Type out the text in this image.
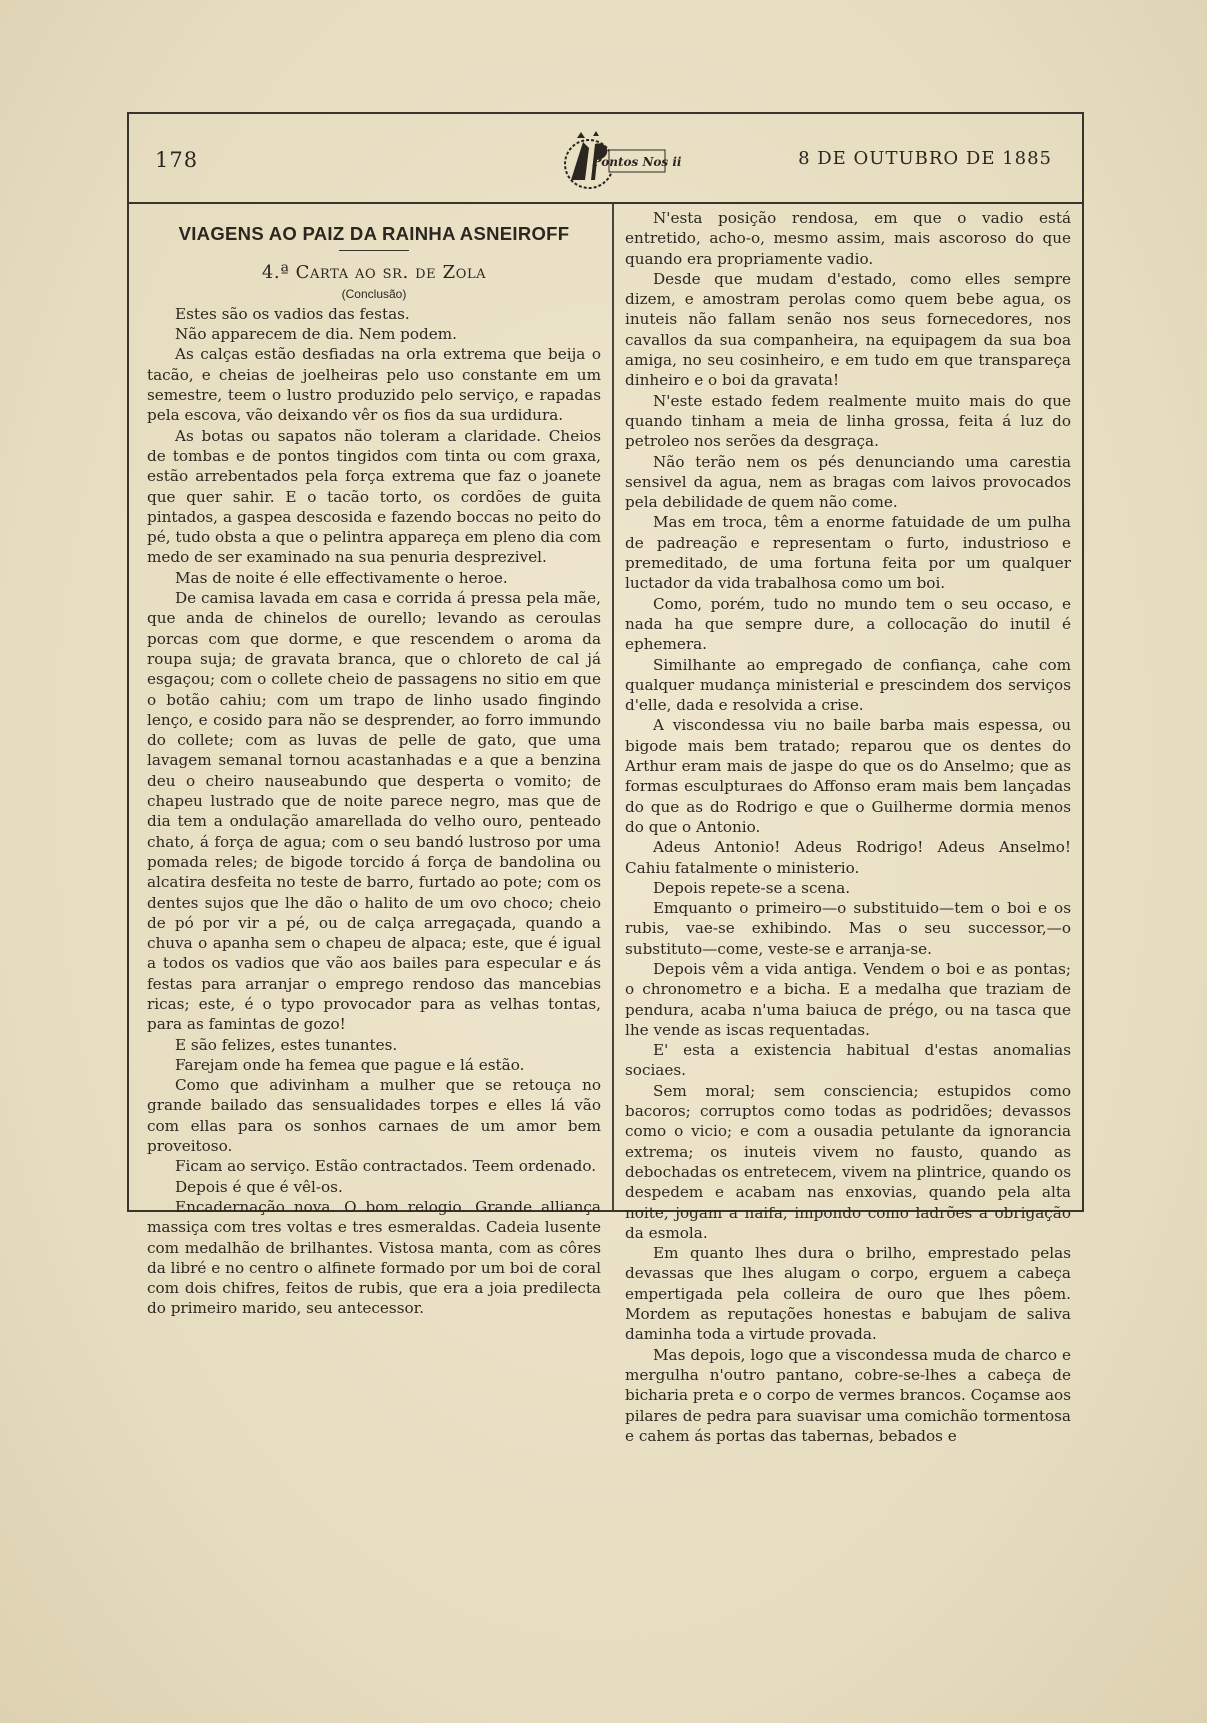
178	Pontos Nos ii	8 DE OUTUBRO DE 1885
VIAGENS AO PAIZ DA RAINHA ASNEIROFF

4.ª Carta ao sr. de Zola

(Conclusão)

Estes são os vadios das festas.

Não apparecem de dia. Nem podem.

As calças estão desfiadas na orla extrema que beija o tacão, e cheias de joelheiras pelo uso constante em um semestre, teem o lustro produzido pelo serviço, e rapadas pela escova, vão deixando vêr os fios da sua urdidura.

As botas ou sapatos não toleram a claridade. Cheios de tombas e de pontos tingidos com tinta ou com graxa, estão arrebentados pela força extrema que faz o joanete que quer sahir. E o tacão torto, os cordões de guita pintados, a gaspea descosida e fazendo boccas no peito do pé, tudo obsta a que o pelintra appareça em pleno dia com medo de ser examinado na sua penuria desprezivel.

Mas de noite é elle effectivamente o heroe.

De camisa lavada em casa e corrida á pressa pela mãe, que anda de chinelos de ourello; levando as ceroulas porcas com que dorme, e que rescendem o aroma da roupa suja; de gravata branca, que o chloreto de cal já esgaçou; com o collete cheio de passagens no sitio em que o botão cahiu; com um trapo de linho usado fingindo lenço, e cosido para não se desprender, ao forro immundo do collete; com as luvas de pelle de gato, que uma lavagem semanal tornou acastanhadas e a que a benzina deu o cheiro nauseabundo que desperta o vomito; de chapeu lustrado que de noite parece negro, mas que de dia tem a ondulação amarellada do velho ouro, penteado chato, á força de agua; com o seu bandó lustroso por uma pomada reles; de bigode torcido á força de bandolina ou alcatira desfeita no teste de barro, furtado ao pote; com os dentes sujos que lhe dão o halito de um ovo choco; cheio de pó por vir a pé, ou de calça arregaçada, quando a chuva o apanha sem o chapeu de alpaca; este, que é igual a todos os vadios que vão aos bailes para especular e ás festas para arranjar o emprego rendoso das mancebias ricas; este, é o typo provocador para as velhas tontas, para as famintas de gozo!

E são felizes, estes tunantes.

Farejam onde ha femea que pague e lá estão.

Como que adivinham a mulher que se retouça no grande bailado das sensualidades torpes e elles lá vão com ellas para os sonhos carnaes de um amor bem proveitoso.

Ficam ao serviço. Estão contractados. Teem ordenado.

Depois é que é vêl-os.

Encadernação nova. O bom relogio. Grande alliança massiça com tres voltas e tres esmeraldas. Cadeia lusente com medalhão de brilhantes. Vistosa manta, com as côres da libré e no centro o alfinete formado por um boi de coral com dois chifres, feitos de rubis, que era a joia predilecta do primeiro marido, seu antecessor.

N'esta posição rendosa, em que o vadio está entretido, acho-o, mesmo assim, mais ascoroso do que quando era propriamente vadio.

Desde que mudam d'estado, como elles sempre dizem, e amostram perolas como quem bebe agua, os inuteis não fallam senão nos seus fornecedores, nos cavallos da sua companheira, na equipagem da sua boa amiga, no seu cosinheiro, e em tudo em que transpareça dinheiro e o boi da gravata!

N'este estado fedem realmente muito mais do que quando tinham a meia de linha grossa, feita á luz do petroleo nos serões da desgraça.

Não terão nem os pés denunciando uma carestia sensivel da agua, nem as bragas com laivos provocados pela debilidade de quem não come.

Mas em troca, têm a enorme fatuidade de um pulha de padreação e representam o furto, industrioso e premeditado, de uma fortuna feita por um qualquer luctador da vida trabalhosa como um boi.

Como, porém, tudo no mundo tem o seu occaso, e nada ha que sempre dure, a collocação do inutil é ephemera.

Similhante ao empregado de confiança, cahe com qualquer mudança ministerial e prescindem dos serviços d'elle, dada e resolvida a crise.

A viscondessa viu no baile barba mais espessa, ou bigode mais bem tratado; reparou que os dentes do Arthur eram mais de jaspe do que os do Anselmo; que as formas esculpturaes do Affonso eram mais bem lançadas do que as do Rodrigo e que o Guilherme dormia menos do que o Antonio.

Adeus Antonio! Adeus Rodrigo! Adeus Anselmo! Cahiu fatalmente o ministerio.

Depois repete-se a scena.

Emquanto o primeiro—o substituido—tem o boi e os rubis, vae-se exhibindo. Mas o seu successor,—o substituto—come, veste-se e arranja-se.

Depois vêm a vida antiga. Vendem o boi e as pontas; o chronometro e a bicha. E a medalha que traziam de pendura, acaba n'uma baiuca de prégo, ou na tasca que lhe vende as iscas requentadas.

E' esta a existencia habitual d'estas anomalias sociaes.

Sem moral; sem consciencia; estupidos como bacoros; corruptos como todas as podridões; devassos como o vicio; e com a ousadia petulante da ignorancia extrema; os inuteis vivem no fausto, quando as debochadas os entretecem, vivem na plintrice, quando os despedem e acabam nas enxovias, quando pela alta noite, jogam a naifa, impondo como ladrões a obrigação da esmola.

Em quanto lhes dura o brilho, emprestado pelas devassas que lhes alugam o corpo, erguem a cabeça empertigada pela colleira de ouro que lhes pôem. Mordem as reputações honestas e babujam de saliva daminha toda a virtude provada.

Mas depois, logo que a viscondessa muda de charco e mergulha n'outro pantano, cobre-se-lhes a cabeça de bicharia preta e o corpo de vermes brancos. Coçamse aos pilares de pedra para suavisar uma comichão tormentosa e cahem ás portas das tabernas, bebados e
